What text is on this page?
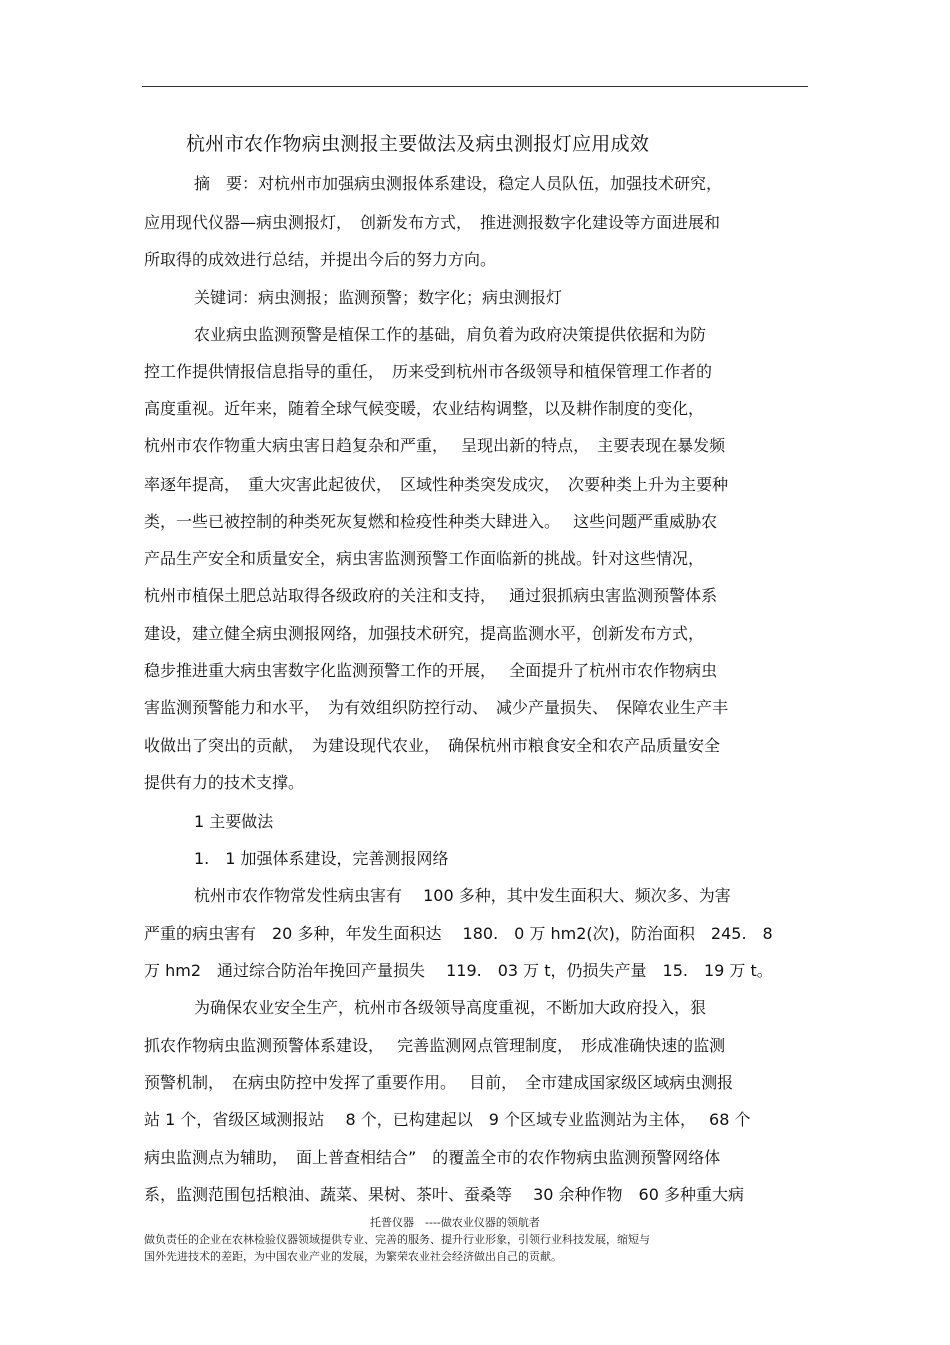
杭州市农作物病虫测报主要做法及病虫测报灯应用成效
摘　要：对杭州市加强病虫测报体系建设，稳定人员队伍，加强技术研究，
应用现代仪器—病虫测报灯，　创新发布方式，　推进测报数字化建设等方面进展和
所取得的成效进行总结，并提出今后的努力方向。
关键词：病虫测报；监测预警；数字化；病虫测报灯
农业病虫监测预警是植保工作的基础，肩负着为政府决策提供依据和为防
控工作提供情报信息指导的重任，　历来受到杭州市各级领导和植保管理工作者的
高度重视。近年来，随着全球气候变暖，农业结构调整，以及耕作制度的变化，
杭州市农作物重大病虫害日趋复杂和严重，　 呈现出新的特点，　主要表现在暴发频
率逐年提高，　重大灾害此起彼伏，　区域性种类突发成灾，　次要种类上升为主要种
类，一些已被控制的种类死灰复燃和检疫性种类大肆进入。　 这些问题严重威胁农
产品生产安全和质量安全，病虫害监测预警工作面临新的挑战。针对这些情况，
杭州市植保土肥总站取得各级政府的关注和支持，　 通过狠抓病虫害监测预警体系
建设，建立健全病虫测报网络，加强技术研究，提高监测水平，创新发布方式，
稳步推进重大病虫害数字化监测预警工作的开展，　 全面提升了杭州市农作物病虫
害监测预警能力和水平，　为有效组织防控行动、　减少产量损失、　保障农业生产丰
收做出了突出的贡献，　为建设现代农业，　确保杭州市粮食安全和农产品质量安全
提供有力的技术支撑。
1 主要做法
1.　1 加强体系建设，完善测报网络
杭州市农作物常发性病虫害有　 100 多种，其中发生面积大、频次多、为害
严重的病虫害有　20 多种，年发生面积达　 180.　0 万 hm2(次)，防治面积　245.　8
万 hm2　通过综合防治年挽回产量损失　 119.　03 万 t，仍损失产量　15.　19 万 t。
为确保农业安全生产，杭州市各级领导高度重视，不断加大政府投入，狠
抓农作物病虫监测预警体系建设，　 完善监测网点管理制度，　形成准确快速的监测
预警机制，　在病虫防控中发挥了重要作用。　 目前，　全市建成国家级区域病虫测报
站 1 个，省级区域测报站　 8 个，已构建起以　9 个区域专业监测站为主体，　 68 个
病虫监测点为辅助，　面上普查相结合”　的覆盖全市的农作物病虫监测预警网络体
系，监测范围包括粮油、蔬菜、果树、茶叶、蚕桑等　 30 余种作物　60 多种重大病
托普仪器　----做农业仪器的领航者
做负责任的企业在农林检验仪器领域提供专业、完善的服务、提升行业形象，引领行业科技发展，缩短与
国外先进技术的差距，为中国农业产业的发展，为繁荣农业社会经济做出自己的贡献。
